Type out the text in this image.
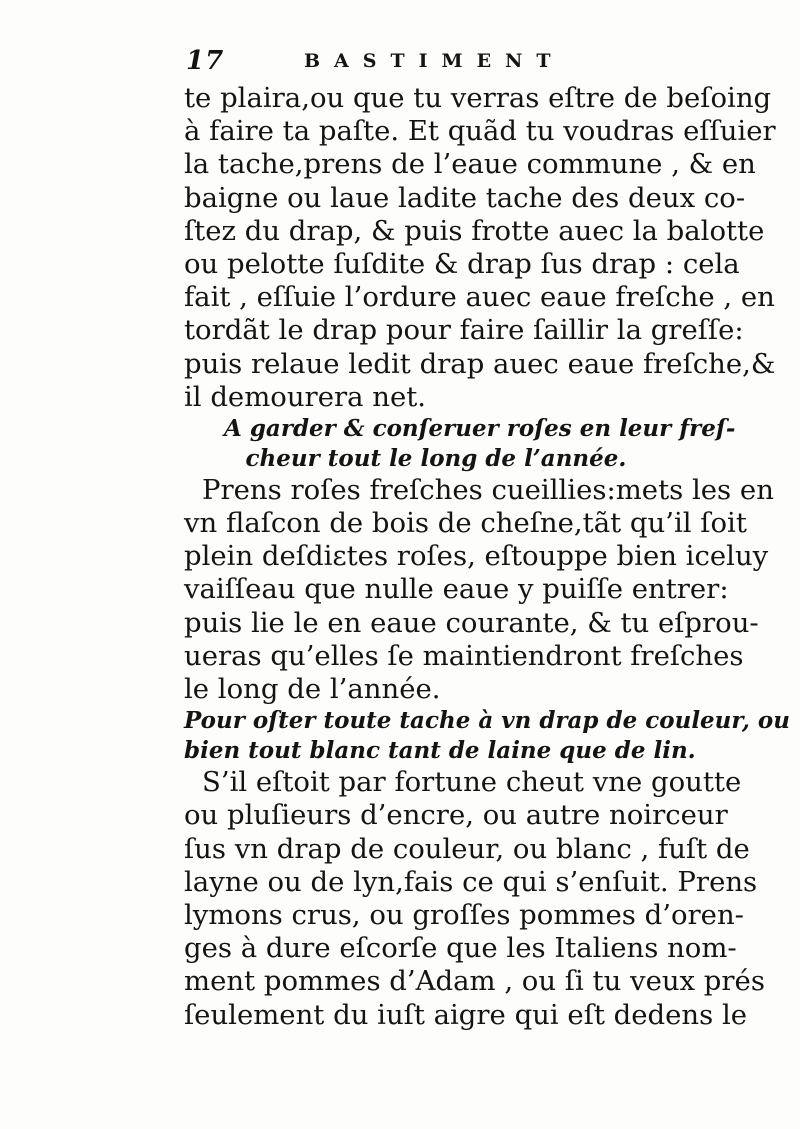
17	BASTIMENT
te plaira,ou que tu verras eſtre de beſoing
à faire ta paſte. Et quãd tu voudras eſſuier
la tache,prens de l’eaue commune , & en
baigne ou laue ladite tache des deux co-
ſtez du drap, & puis frotte auec la balotte
ou pelotte ſuſdite & drap ſus drap : cela
fait , eſſuie l’ordure auec eaue freſche , en
tordãt le drap pour faire ſaillir la greſſe:
puis relaue ledit drap auec eaue freſche,&
il demourera net.
A garder & conſeruer roſes en leur freſ-
cheur tout le long de l’année.
Prens roſes freſches cueillies:mets les en
vn flaſcon de bois de cheſne,tãt qu’il ſoit
plein deſdiɛtes roſes, eſtouppe bien iceluy
vaiſſeau que nulle eaue y puiſſe entrer:
puis lie le en eaue courante, & tu eſprou-
ueras qu’elles ſe maintiendront freſches
le long de l’année.
Pour oſter toute tache à vn drap de couleur, ou
bien tout blanc tant de laine que de lin.
S’il eſtoit par fortune cheut vne goutte
ou pluſieurs d’encre, ou autre noirceur
ſus vn drap de couleur, ou blanc , fuſt de
layne ou de lyn,fais ce qui s’enſuit. Prens
lymons crus, ou groſſes pommes d’oren-
ges à dure eſcorſe que les Italiens nom-
ment pommes d’Adam , ou ſi tu veux prés
ſeulement du iuſt aigre qui eſt dedens le
